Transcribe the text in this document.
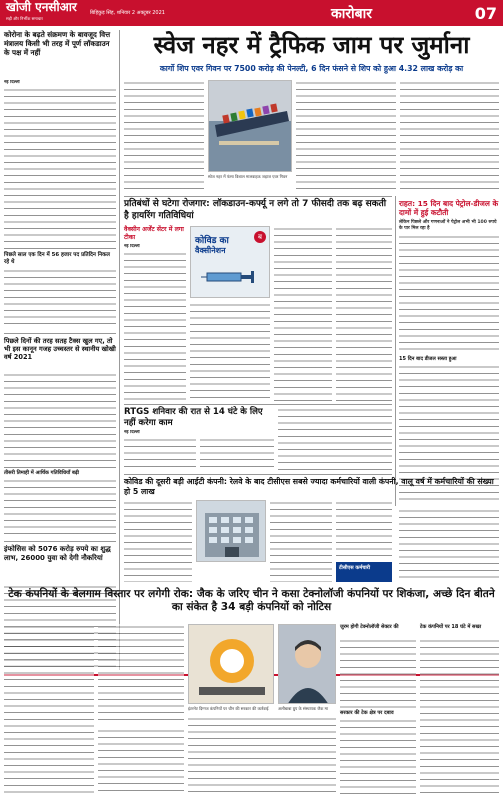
खोजी एनसीआर
सही और निर्भीक समाचार
बिहिकुड़ सिंह, शनिवार 2 अक्टूबर 2021	कारोबार	07
कोरोना के बढ़ते संक्रमण के बावजूद वित्त मंत्रालय किसी भी तरह में पूर्ण लॉकडाउन के पक्ष में नहीं
नई दिल्ली
पिछले साल एक दिन में 56 हजार पद प्रतिदिन निकल रहे थे
पिछले दिनों की तरह सतह टैक्स खुल गए, तो भी इस कानून गजह उच्चस्तर से स्थानीय खोखी वर्ष 2021
तीसरी तिमाही में आर्थिक गतिविधियाँ बढ़ी
इंफोसिस को 5076 करोड़ रुपये का शुद्ध लाभ, 26000 युवा को देगी नौकरियां
स्वेज नहर में ट्रैफिक जाम पर जुर्माना
कार्गो शिप एवर गिवन पर 7500 करोड़ की पेनल्टी, 6 दिन फंसने से शिप को हुआ 4.32 लाख करोड़ का
स्वेज नहर में फंसा विशाल मालवाहक जहाज एवर गिवन
प्रतिबंधों से घटेगा रोजगार: लॉकडाउन-कर्फ्यू न लगे तो 7 फीसदी तक बढ़ सकती है हायरिंग गतिविधियां
वैक्सीन अर्जेंट सेंटर में लगा टीका
नई दिल्ली
कोविड का
वैक्सीनेशन
ब
राहत: 15 दिन बाद पेट्रोल-डीजल के दामों में हुई कटौती
लेकिन पिछले और गणनाओं ने पेट्रोल अभी भी 100 रुपये के पार मिल रहा है
15 दिन बाद डीजल सस्ता हुआ
RTGS शनिवार की रात से 14 घंटे के लिए नहीं करेगा काम
नई दिल्ली
कोविड की दूसरी बड़ी आईटी कंपनी: रेलवे के बाद टीसीएस सबसे ज्यादा कर्मचारियों वाली कंपनी, वालू वर्ष में कर्मचारियों की संख्या हो 5 लाख
टीसीएस कर्मचारी
टेक कंपनियों के बेलगाम विस्तार पर लगेगी रोक: जैक के जरिए चीन ने कसा टेक्नोलॉजी कंपनियों पर शिकंजा, अच्छे दिन बीतने का संकेत है 34 बड़ी कंपनियों को नोटिस
इंटरनेट दिग्गज कंपनियों पर चीन की सरकार की कार्रवाई	अलीबाबा ग्रुप के संस्थापक जैक मा
जुरम होगी टेक्नोलॉजी सेक्टर की
सरकार की टेक क्षेत्र पर दबाव
टेक कंपनियों पर 18 घंटे में सख्त
